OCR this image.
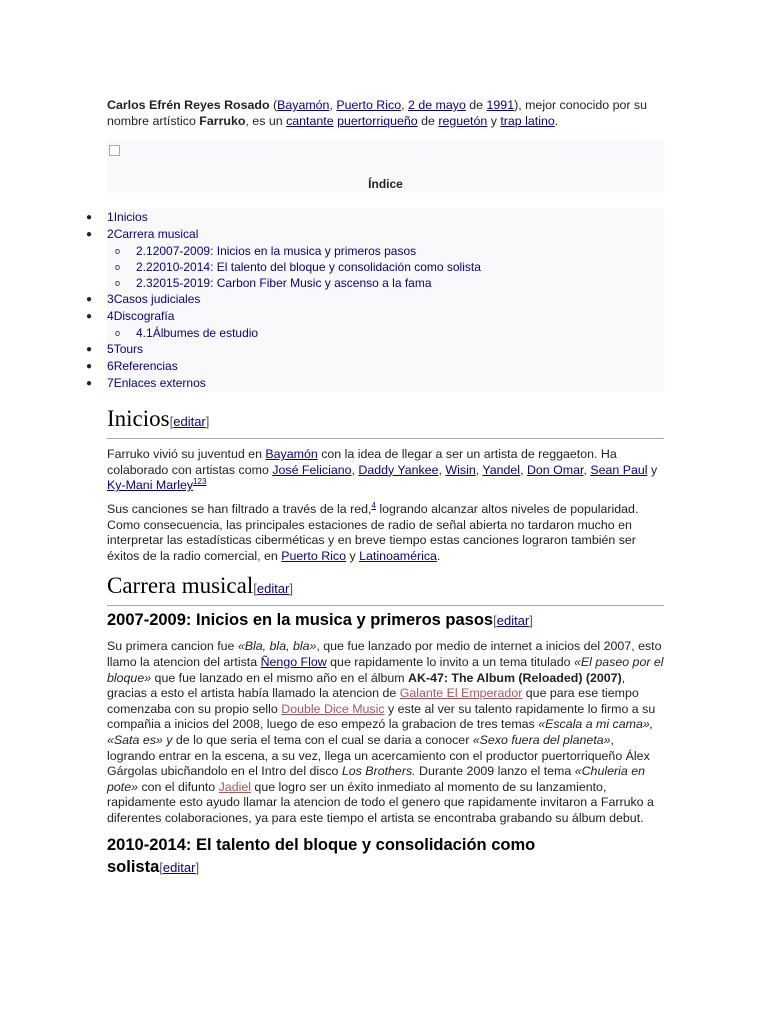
Carlos Efrén Reyes Rosado (Bayamón, Puerto Rico, 2 de mayo de 1991), mejor conocido por su nombre artístico Farruko, es un cantante puertorriqueño de reguetón y trap latino.

Índice
● 1Inicios
● 2Carrera musical
o 2.12007-2009: Inicios en la musica y primeros pasos
o 2.22010-2014: El talento del bloque y consolidación como solista
o 2.32015-2019: Carbon Fiber Music y ascenso a la fama
● 3Casos judiciales
● 4Discografía
o 4.1Álbumes de estudio
● 5Tours
● 6Referencias
● 7Enlaces externos
Inicios[editar]

Farruko vivió su juventud en Bayamón con la idea de llegar a ser un artista de reggaeton. Ha colaborado con artistas como José Feliciano, Daddy Yankee, Wisin, Yandel, Don Omar, Sean Paul y Ky-Mani Marley$^{123}$

Sus canciones se han filtrado a través de la red,$^4$ logrando alcanzar altos niveles de popularidad. Como consecuencia, las principales estaciones de radio de señal abierta no tardaron mucho en interpretar las estadísticas ciberméticas y en breve tiempo estas canciones lograron también ser éxitos de la radio comercial, en Puerto Rico y Latinoamérica.

Carrera musical[editar]
2007-2009: Inicios en la musica y primeros pasos[editar]

Su primera cancion fue «Bla, bla, bla», que fue lanzado por medio de internet a inicios del 2007, esto llamo la atencion del artista Ñengo Flow que rapidamente lo invito a un tema titulado «El paseo por el bloque» que fue lanzado en el mismo año en el álbum AK-47: The Album (Reloaded) (2007), gracias a esto el artista había llamado la atencion de Galante El Emperador que para ese tiempo comenzaba con su propio sello Double Dice Music y este al ver su talento rapidamente lo firmo a su compañia a inicios del 2008, luego de eso empezó la grabacion de tres temas «Escala a mi cama», «Sata es» y de lo que seria el tema con el cual se daria a conocer «Sexo fuera del planeta», logrando entrar en la escena, a su vez, llega un acercamiento con el productor puertorriqueño Álex Gárgolas ubicñandolo en el Intro del disco Los Brothers. Durante 2009 lanzo el tema «Chuleria en pote» con el difunto Jadiel que logro ser un éxito inmediato al momento de su lanzamiento, rapidamente esto ayudo llamar la atencion de todo el genero que rapidamente invitaron a Farruko a diferentes colaboraciones, ya para este tiempo el artista se encontraba grabando su álbum debut.

2010-2014: El talento del bloque y consolidación como solista[editar]
